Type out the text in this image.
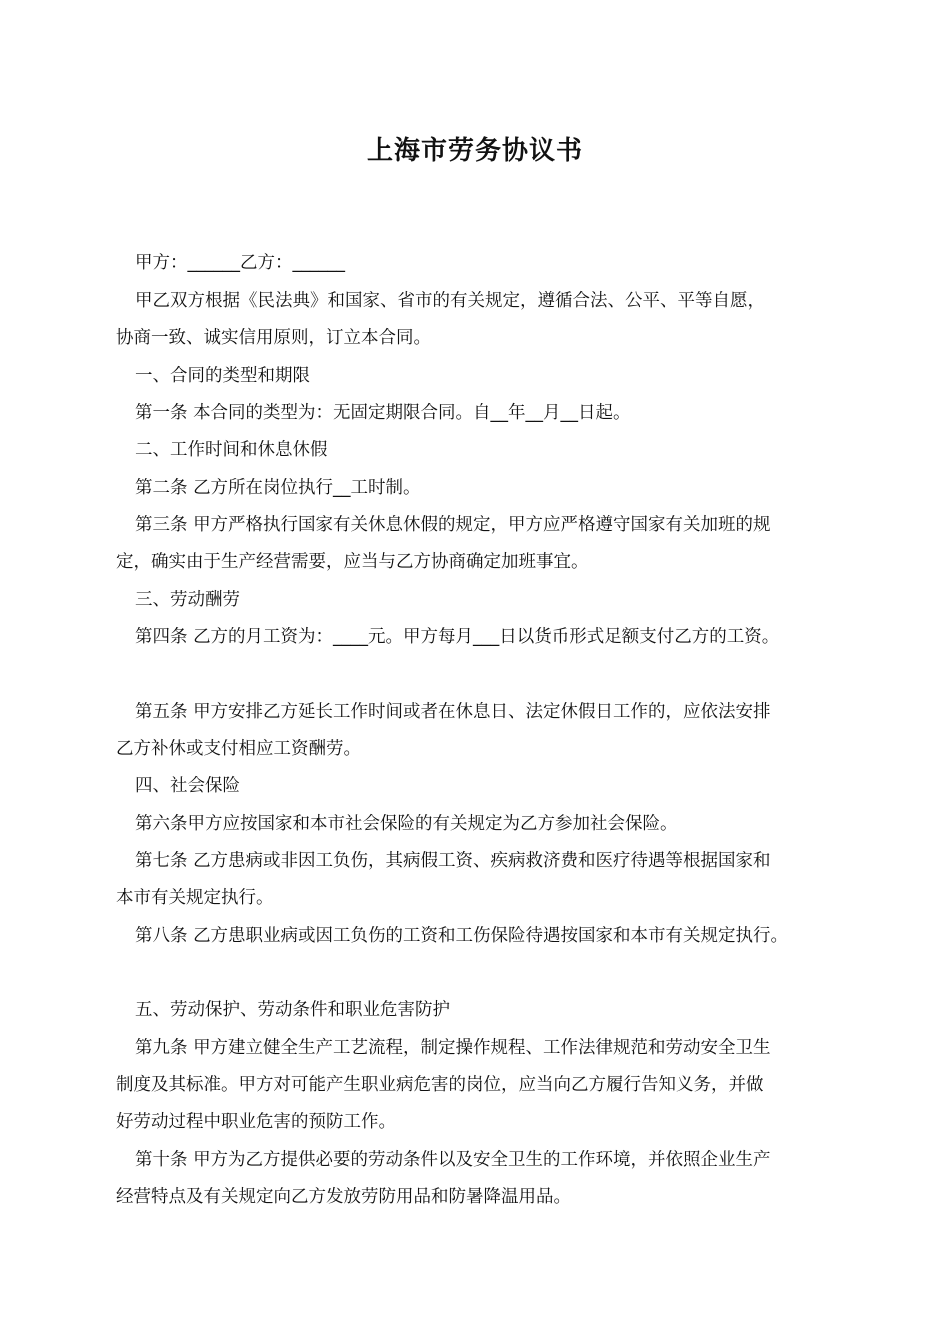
上海市劳务协议书
甲方：______乙方：______
甲乙双方根据《民法典》和国家、省市的有关规定，遵循合法、公平、平等自愿，
协商一致、诚实信用原则，订立本合同。
一、合同的类型和期限
第一条 本合同的类型为：无固定期限合同。自__年__月__日起。
二、工作时间和休息休假
第二条 乙方所在岗位执行__工时制。
第三条 甲方严格执行国家有关休息休假的规定，甲方应严格遵守国家有关加班的规
定，确实由于生产经营需要，应当与乙方协商确定加班事宜。
三、劳动酬劳
第四条 乙方的月工资为：____元。甲方每月___日以货币形式足额支付乙方的工资。
第五条 甲方安排乙方延长工作时间或者在休息日、法定休假日工作的，应依法安排
乙方补休或支付相应工资酬劳。
四、社会保险
第六条甲方应按国家和本市社会保险的有关规定为乙方参加社会保险。
第七条 乙方患病或非因工负伤，其病假工资、疾病救济费和医疗待遇等根据国家和
本市有关规定执行。
第八条 乙方患职业病或因工负伤的工资和工伤保险待遇按国家和本市有关规定执行。
五、劳动保护、劳动条件和职业危害防护
第九条 甲方建立健全生产工艺流程，制定操作规程、工作法律规范和劳动安全卫生
制度及其标准。甲方对可能产生职业病危害的岗位，应当向乙方履行告知义务，并做
好劳动过程中职业危害的预防工作。
第十条 甲方为乙方提供必要的劳动条件以及安全卫生的工作环境，并依照企业生产
经营特点及有关规定向乙方发放劳防用品和防暑降温用品。
